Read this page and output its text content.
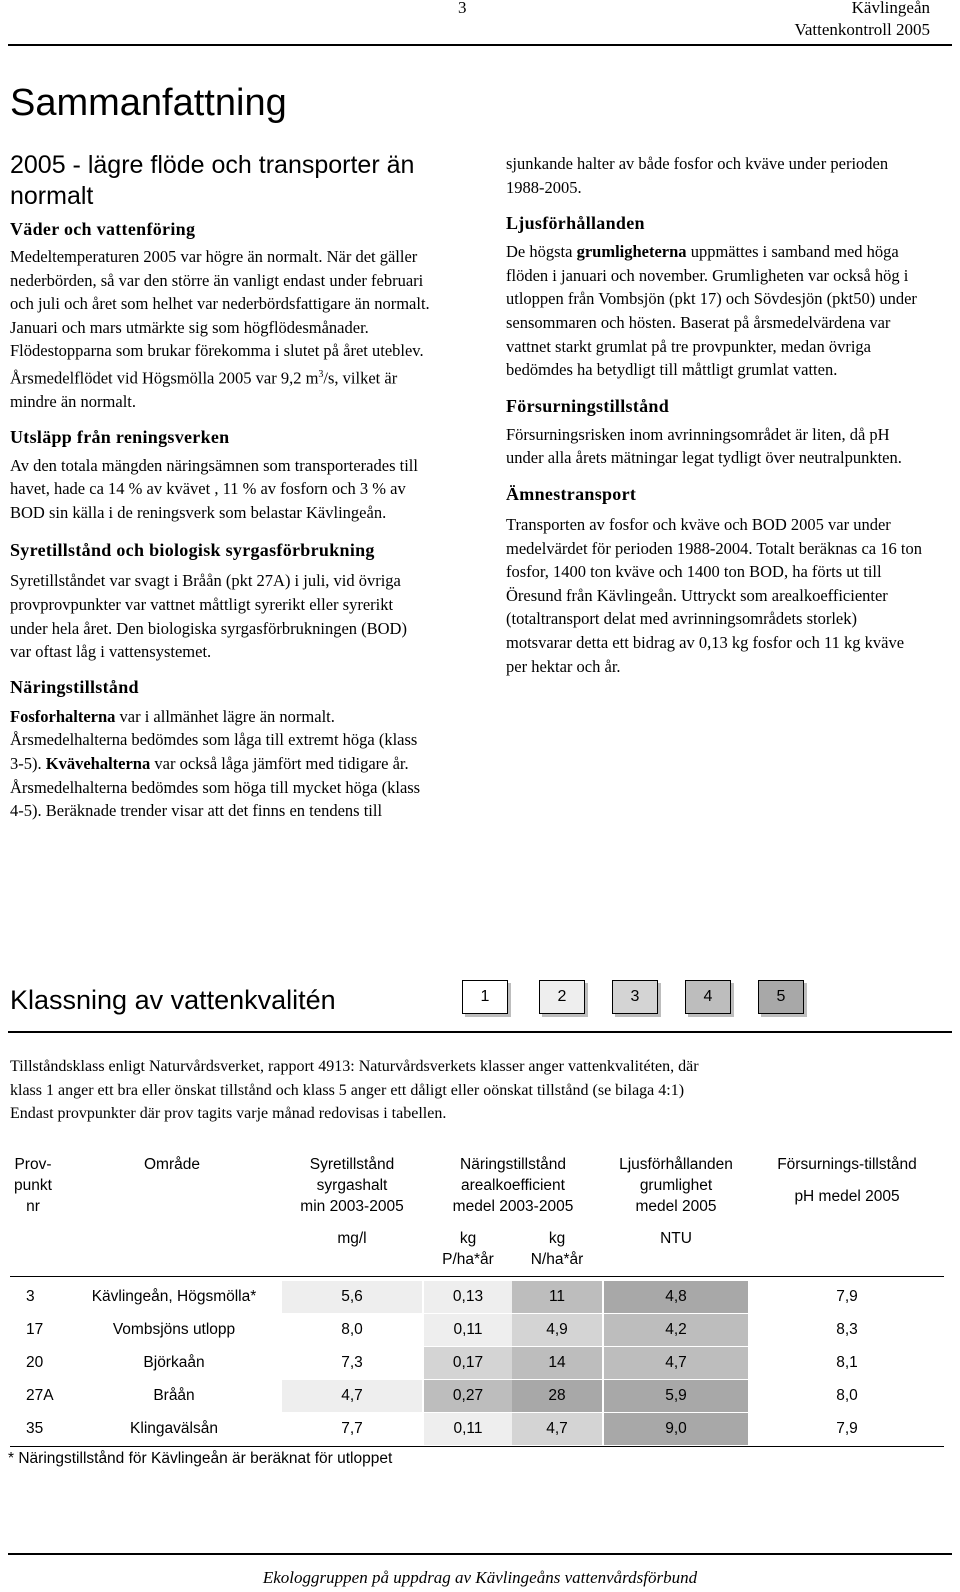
3	Kävlingeån
Vattenkontroll 2005
Sammanfattning
2005 - lägre flöde och transporter än normalt
Väder och vattenföring

Medeltemperaturen 2005 var högre än normalt. När det gäller nederbörden, så var den större än vanligt endast under februari och juli och året som helhet var nederbördsfattigare än normalt. Januari och mars utmärkte sig som högflödesmånader. Flödestopparna som brukar förekomma i slutet på året uteblev. Årsmedelflödet vid Högsmölla 2005 var 9,2 $m^3/s$, vilket är mindre än normalt.

Utsläpp från reningsverken

Av den totala mängden näringsämnen som transporterades till havet, hade ca 14 % av kvävet , 11 % av fosforn och 3 % av BOD sin källa i de reningsverk som belastar Kävlingeån.

Syretillstånd och biologisk syrgasförbrukning

Syretillståndet var svagt i Bråån (pkt 27A) i juli, vid övriga provprovpunkter var vattnet måttligt syrerikt eller syrerikt under hela året. Den biologiska syrgasförbrukningen (BOD) var oftast låg i vattensystemet.

Näringstillstånd

Fosforhalterna var i allmänhet lägre än normalt. Årsmedelhalterna bedömdes som låga till extremt höga (klass 3-5). Kvävehalterna var också låga jämfört med tidigare år. Årsmedelhalterna bedömdes som höga till mycket höga (klass 4-5). Beräknade trender visar att det finns en tendens till

sjunkande halter av både fosfor och kväve under perioden 1988-2005.

Ljusförhållanden

De högsta grumligheterna uppmättes i samband med höga flöden i januari och november. Grumligheten var också hög i utloppen från Vombsjön (pkt 17) och Sövdesjön (pkt50) under sensommaren och hösten. Baserat på årsmedelvärdena var vattnet starkt grumlat på tre provpunkter, medan övriga bedömdes ha betydligt till måttligt grumlat vatten.

Försurningstillstånd

Försurningsrisken inom avrinningsområdet är liten, då pH under alla årets mätningar legat tydligt över neutralpunkten.

Ämnestransport

Transporten av fosfor och kväve och BOD 2005 var under medelvärdet för perioden 1988-2004. Totalt beräknas ca 16 ton fosfor, 1400 ton kväve och 1400 ton BOD, ha förts ut till Öresund från Kävlingeån. Uttryckt som arealkoefficienter (totaltransport delat med avrinningsområdets storlek) motsvarar detta ett bidrag av 0,13 kg fosfor och 11 kg kväve per hektar och år.

Klassning av vattenkvalitén	1	2	3	4	5
Tillståndsklass enligt Naturvårdsverket, rapport 4913: Naturvårdsverkets klasser anger vattenkvalitéten, där
klass 1 anger ett bra eller önskat tillstånd och klass 5 anger ett dåligt eller oönskat tillstånd (se bilaga 4:1)
Endast provpunkter där prov tagits varje månad redovisas i tabellen.
Prov-
punkt
nr
Område	Syretillstånd
syrgashalt
min 2003-2005
Näringstillstånd
arealkoefficient
medel 2003-2005
Ljusförhållanden
grumlighet
medel 2005
Försurnings-tillstånd
pH medel 2005
mg/l	kg
P/ha*år
kg
N/ha*år
NTU
3	Kävlingeån, Högsmölla*	5,6	0,13	11	4,8	7,9
17	Vombsjöns utlopp	8,0	0,11	4,9	4,2	8,3
20	Björkaån	7,3	0,17	14	4,7	8,1
27A	Bråån	4,7	0,27	28	5,9	8,0
35	Klingavälsån	7,7	0,11	4,7	9,0	7,9
* Näringstillstånd för Kävlingeån är beräknat för utloppet
Ekologgruppen på uppdrag av Kävlingeåns vattenvårdsförbund
